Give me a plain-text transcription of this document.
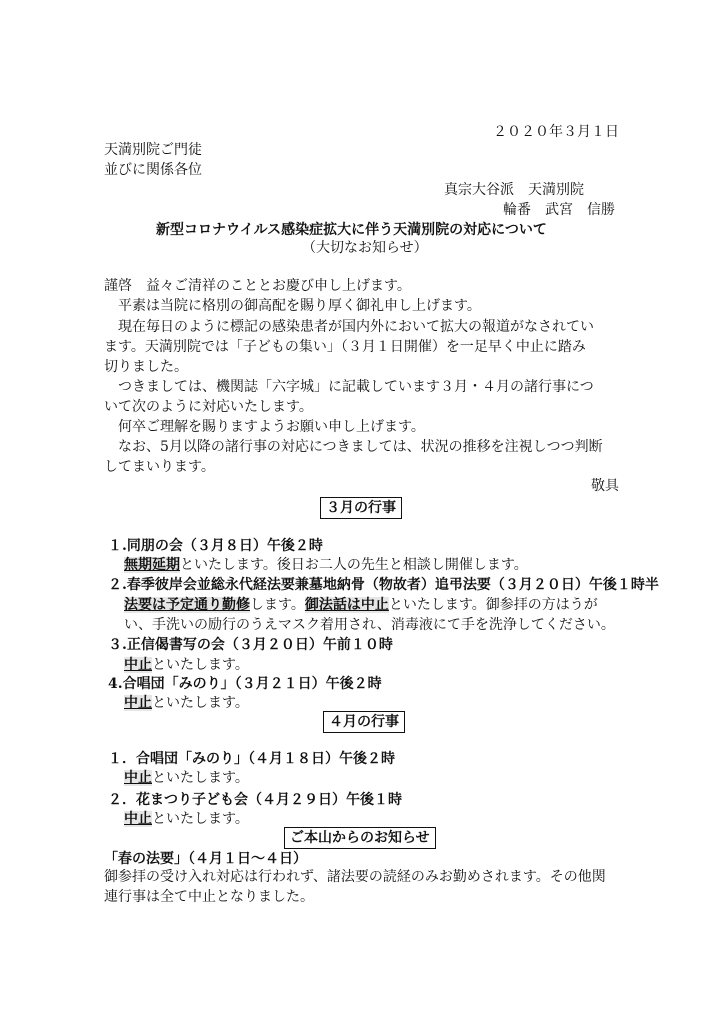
２０２０年３月１日
天満別院ご門徒
並びに関係各位
真宗大谷派　天満別院
輪番　武宮　信勝
新型コロナウイルス感染症拡大に伴う天満別院の対応について
（大切なお知らせ）
謹啓　益々ご清祥のこととお慶び申し上げます。
　平素は当院に格別の御高配を賜り厚く御礼申し上げます。
　現在毎日のように標記の感染患者が国内外において拡大の報道がなされてい
ます。天満別院では「子どもの集い」（３月１日開催）を一足早く中止に踏み
切りました。
　つきましては、機関誌「六字城」に記載しています３月・４月の諸行事につ
いて次のように対応いたします。
　何卒ご理解を賜りますようお願い申し上げます。
　なお、5月以降の諸行事の対応につきましては、状況の推移を注視しつつ判断
してまいります。
敬具
３月の行事
１.同朋の会（３月８日）午後２時
無期延期といたします。後日お二人の先生と相談し開催します。
２.春季彼岸会並総永代経法要兼墓地納骨（物故者）追弔法要（３月２０日）午後１時半
法要は予定通り勤修します。御法話は中止といたします。御参拝の方はうが
い、手洗いの励行のうえマスク着用され、消毒液にて手を洗浄してください。
３.正信偈書写の会（３月２０日）午前１０時
中止といたします。
4.合唱団「みのり」（３月２１日）午後２時
中止といたします。
４月の行事
１．合唱団「みのり」（４月１８日）午後２時
中止といたします。
２．花まつり子ども会（４月２９日）午後１時
中止といたします。
ご本山からのお知らせ
「春の法要」（４月１日～４日）
御参拝の受け入れ対応は行われず、諸法要の読経のみお勤めされます。その他関
連行事は全て中止となりました。
